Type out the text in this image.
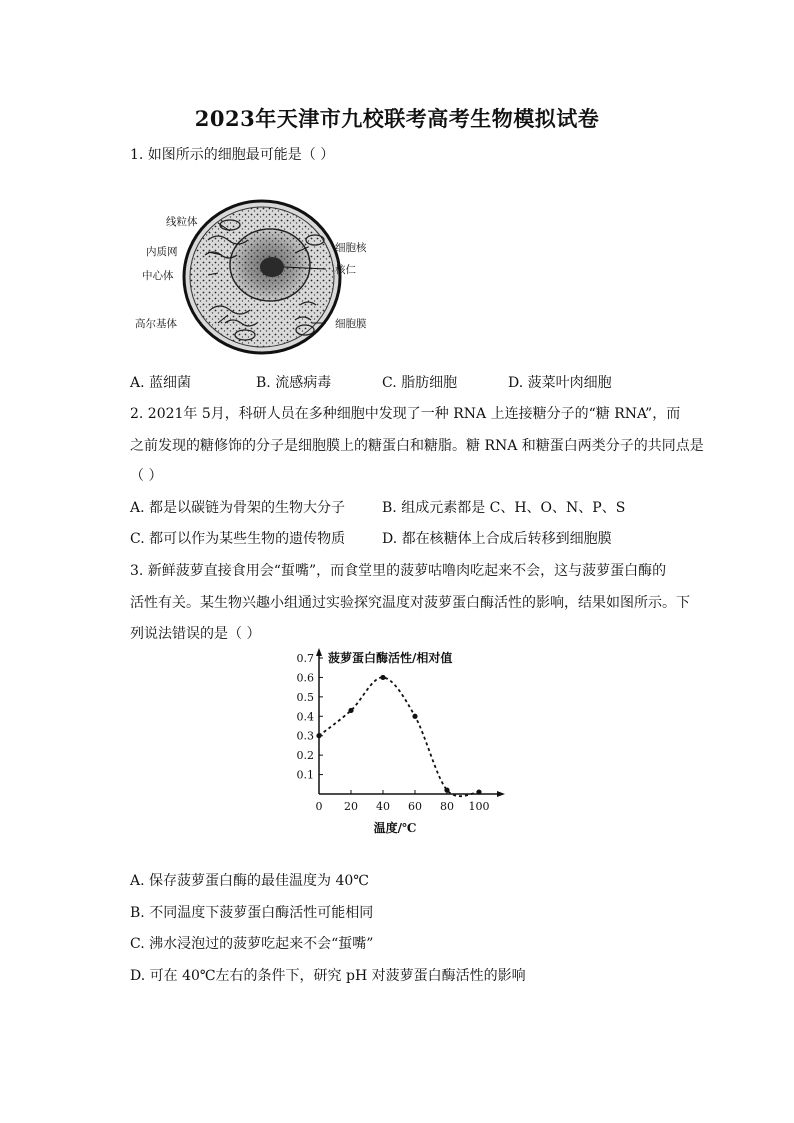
2023年天津市九校联考高考生物模拟试卷
1. 如图所示的细胞最可能是（ ）
线粒体
内质网
中心体
高尔基体
细胞核
核仁
细胞膜
A. 蓝细菌	B. 流感病毒	C. 脂肪细胞	D. 菠菜叶肉细胞
2. 2021年 5月，科研人员在多种细胞中发现了一种 RNA 上连接糖分子的“糖 RNA”，而
之前发现的糖修饰的分子是细胞膜上的糖蛋白和糖脂。糖 RNA 和糖蛋白两类分子的共同点是
（ ）
A. 都是以碳链为骨架的生物大分子	B. 组成元素都是 C、H、O、N、P、S
C. 都可以作为某些生物的遗传物质	D. 都在核糖体上合成后转移到细胞膜
3. 新鲜菠萝直接食用会“蜇嘴”，而食堂里的菠萝咕噜肉吃起来不会，这与菠萝蛋白酶的
活性有关。某生物兴趣小组通过实验探究温度对菠萝蛋白酶活性的影响，结果如图所示。下
列说法错误的是（ ）
0.1
0.2
0.3
0.4
0.5
0.6
0.7
0 20 40 60 80 100
菠萝蛋白酶活性/相对值
温度/℃
A. 保存菠萝蛋白酶的最佳温度为 40℃
B. 不同温度下菠萝蛋白酶活性可能相同
C. 沸水浸泡过的菠萝吃起来不会“蜇嘴”
D. 可在 40℃左右的条件下，研究 pH 对菠萝蛋白酶活性的影响
